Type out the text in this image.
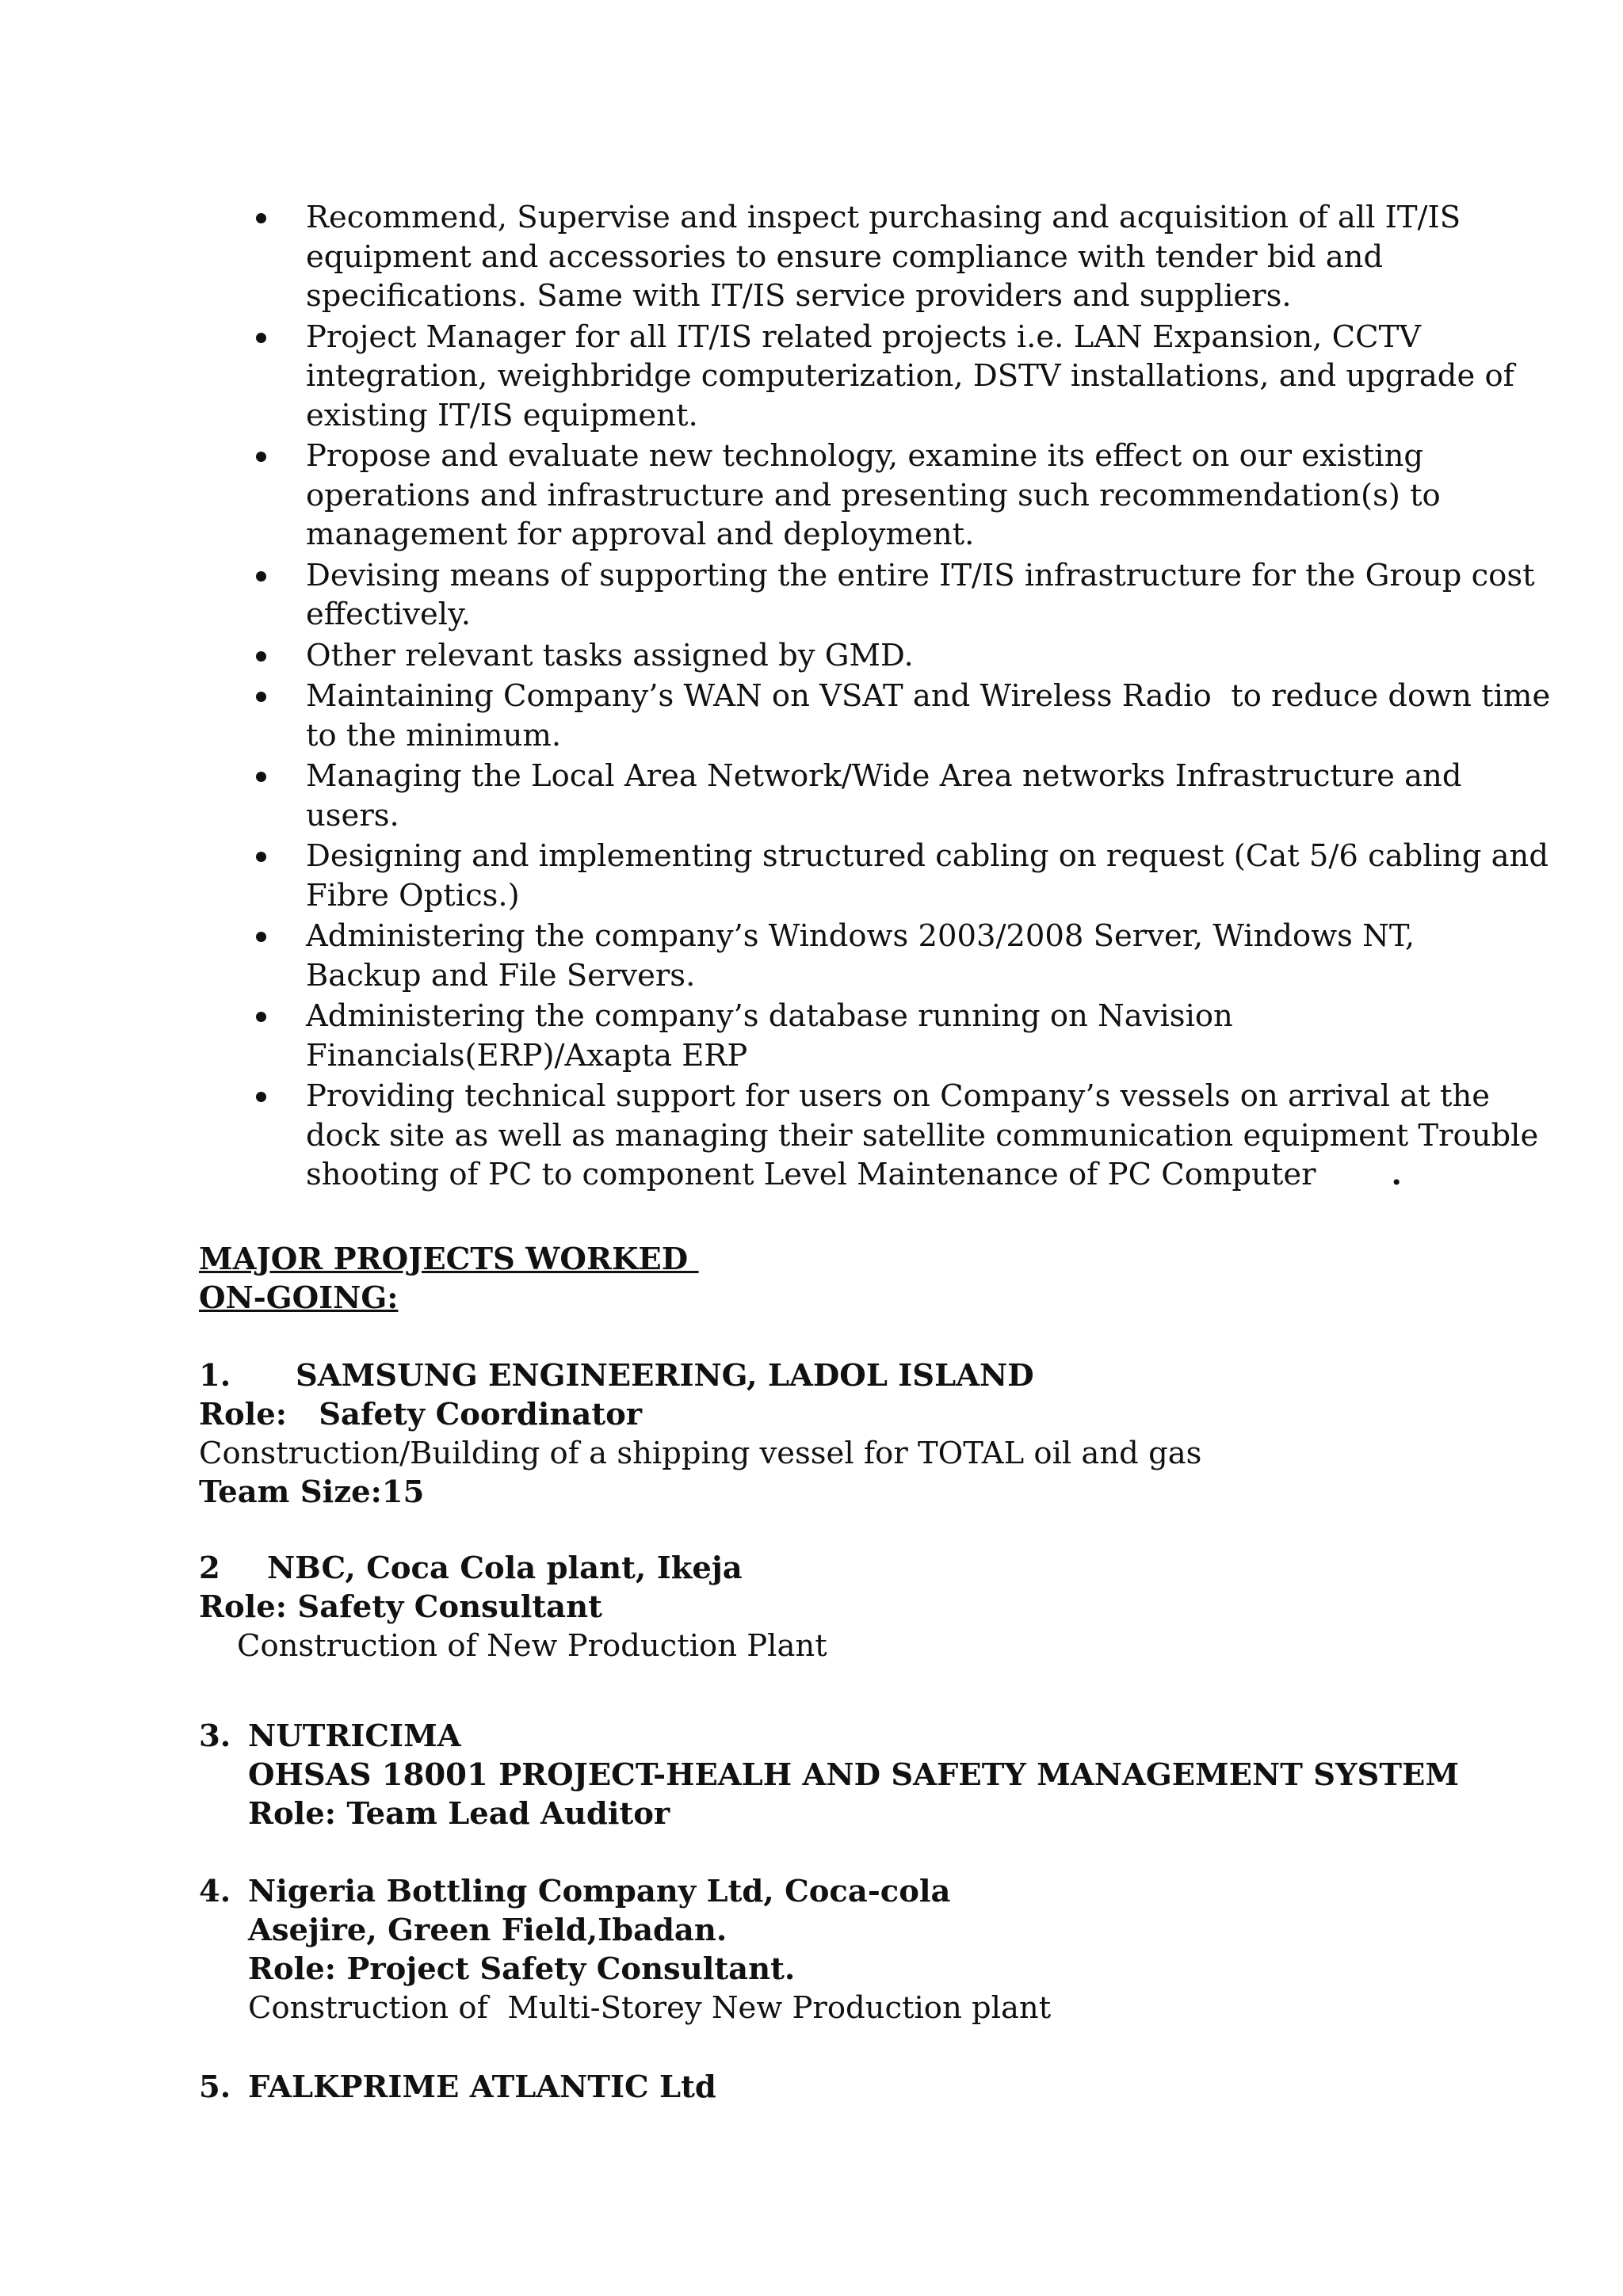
Recommend, Supervise and inspect purchasing and acquisition of all IT/IS
equipment and accessories to ensure compliance with tender bid and
specifications. Same with IT/IS service providers and suppliers.
Project Manager for all IT/IS related projects i.e. LAN Expansion, CCTV
integration, weighbridge computerization, DSTV installations, and upgrade of
existing IT/IS equipment.
Propose and evaluate new technology, examine its effect on our existing
operations and infrastructure and presenting such recommendation(s) to
management for approval and deployment.
Devising means of supporting the entire IT/IS infrastructure for the Group cost
effectively.
Other relevant tasks assigned by GMD.
Maintaining Company’s WAN on VSAT and Wireless Radio  to reduce down time
to the minimum.
Managing the Local Area Network/Wide Area networks Infrastructure and
users.
Designing and implementing structured cabling on request (Cat 5/6 cabling and
Fibre Optics.)
Administering the company’s Windows 2003/2008 Server, Windows NT,
Backup and File Servers.
Administering the company’s database running on Navision
Financials(ERP)/Axapta ERP
Providing technical support for users on Company’s vessels on arrival at the
dock site as well as managing their satellite communication equipment Trouble
shooting of PC to component Level Maintenance of PC Computer .
MAJOR PROJECTS WORKED
ON-GOING:
1. SAMSUNG ENGINEERING, LADOL ISLAND
Role:   Safety Coordinator
Construction/Building of a shipping vessel for TOTAL oil and gas
Team Size:15
2 NBC, Coca Cola plant, Ikeja
Role: Safety Consultant
Construction of New Production Plant
3. NUTRICIMA
OHSAS 18001 PROJECT-HEALH AND SAFETY MANAGEMENT SYSTEM
Role: Team Lead Auditor
4. Nigeria Bottling Company Ltd, Coca-cola
Asejire, Green Field,Ibadan.
Role: Project Safety Consultant.
Construction of  Multi-Storey New Production plant
5. FALKPRIME ATLANTIC Ltd
